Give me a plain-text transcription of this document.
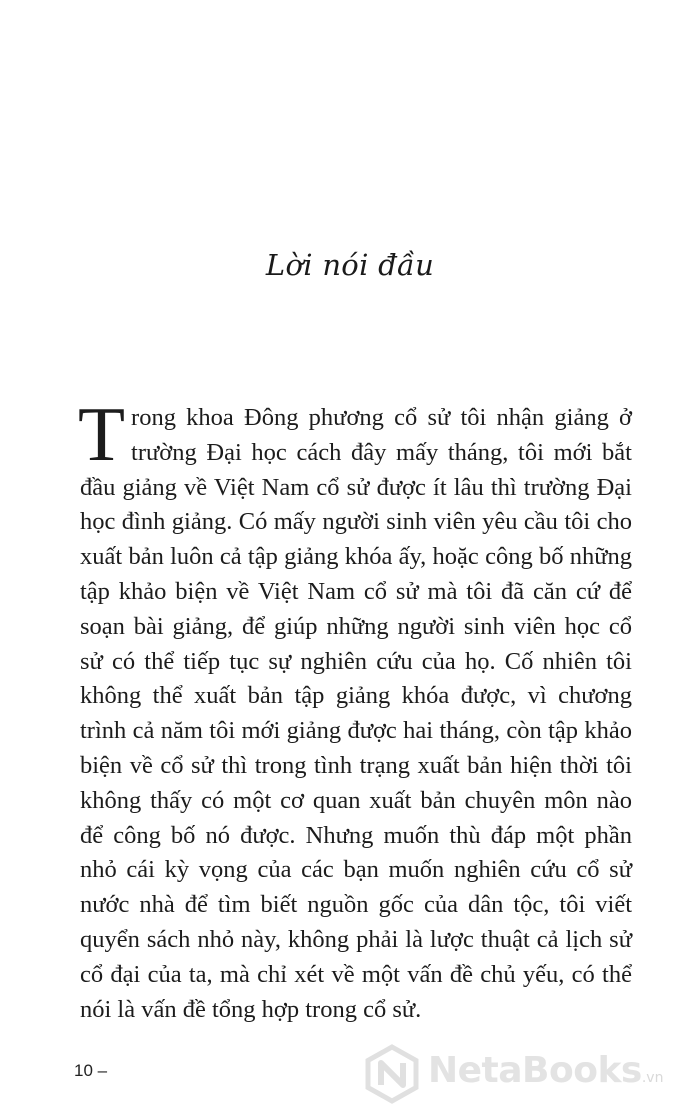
Lời nói đầu

Trong khoa Đông phương cổ sử tôi nhận giảng ở trường Đại học cách đây mấy tháng, tôi mới bắt đầu giảng về Việt Nam cổ sử được ít lâu thì trường Đại học đình giảng. Có mấy người sinh viên yêu cầu tôi cho xuất bản luôn cả tập giảng khóa ấy, hoặc công bố những tập khảo biện về Việt Nam cổ sử mà tôi đã căn cứ để soạn bài giảng, để giúp những người sinh viên học cổ sử có thể tiếp tục sự nghiên cứu của họ. Cố nhiên tôi không thể xuất bản tập giảng khóa được, vì chương trình cả năm tôi mới giảng được hai tháng, còn tập khảo biện về cổ sử thì trong tình trạng xuất bản hiện thời tôi không thấy có một cơ quan xuất bản chuyên môn nào để công bố nó được. Nhưng muốn thù đáp một phần nhỏ cái kỳ vọng của các bạn muốn nghiên cứu cổ sử nước nhà để tìm biết nguồn gốc của dân tộc, tôi viết quyển sách nhỏ này, không phải là lược thuật cả lịch sử cổ đại của ta, mà chỉ xét về một vấn đề chủ yếu, có thể nói là vấn đề tổng hợp trong cổ sử.

10 –	NetaBooks.vn
